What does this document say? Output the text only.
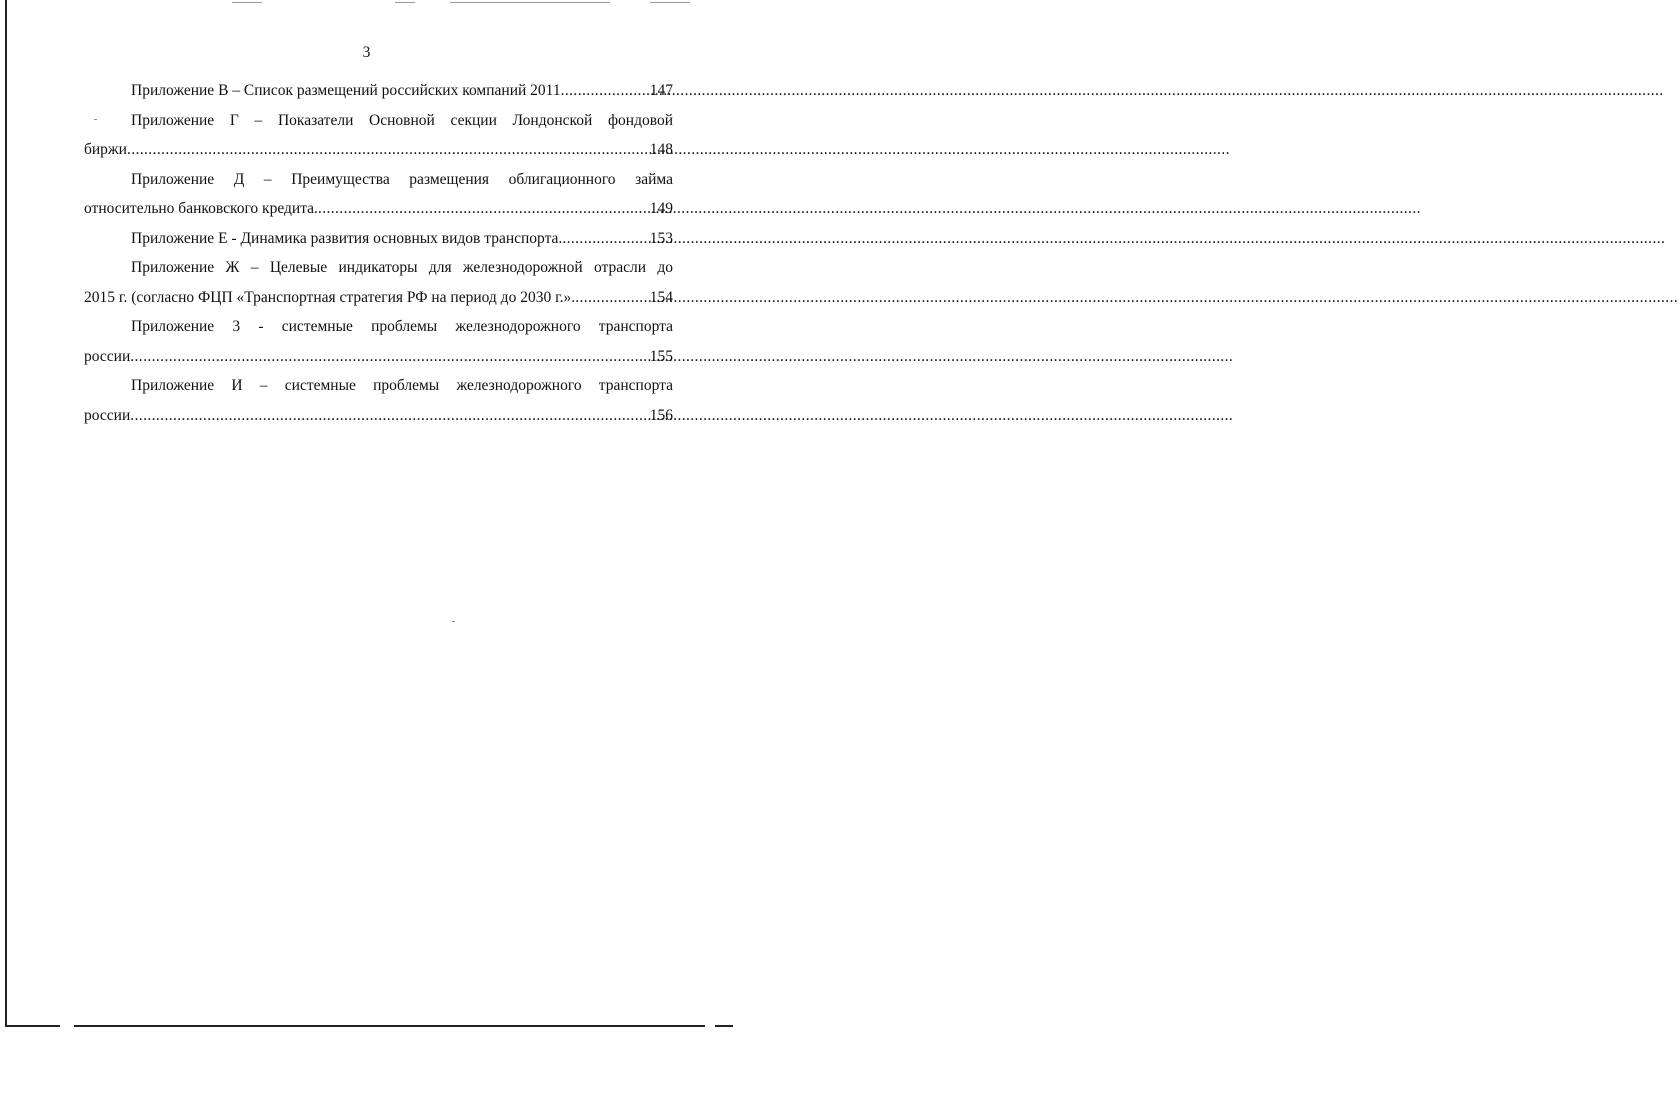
3
Приложение В – Список размещений российских компаний 2011 .....	147
Приложение Г – Показатели Основной секции Лондонской фондовой
биржи .....	148
Приложение Д – Преимущества размещения облигационного займа
относительно банковского кредита. .....	149
Приложение Е - Динамика развития основных видов транспорта. .....	153
Приложение Ж – Целевые индикаторы для железнодорожной отрасли до
2015 г. (согласно ФЦП «Транспортная стратегия РФ на период до 2030 г.». .....	154
Приложение 3 - системные проблемы железнодорожного транспорта
россии .....	155
Приложение И – системные проблемы железнодорожного транспорта
россии .....	156
